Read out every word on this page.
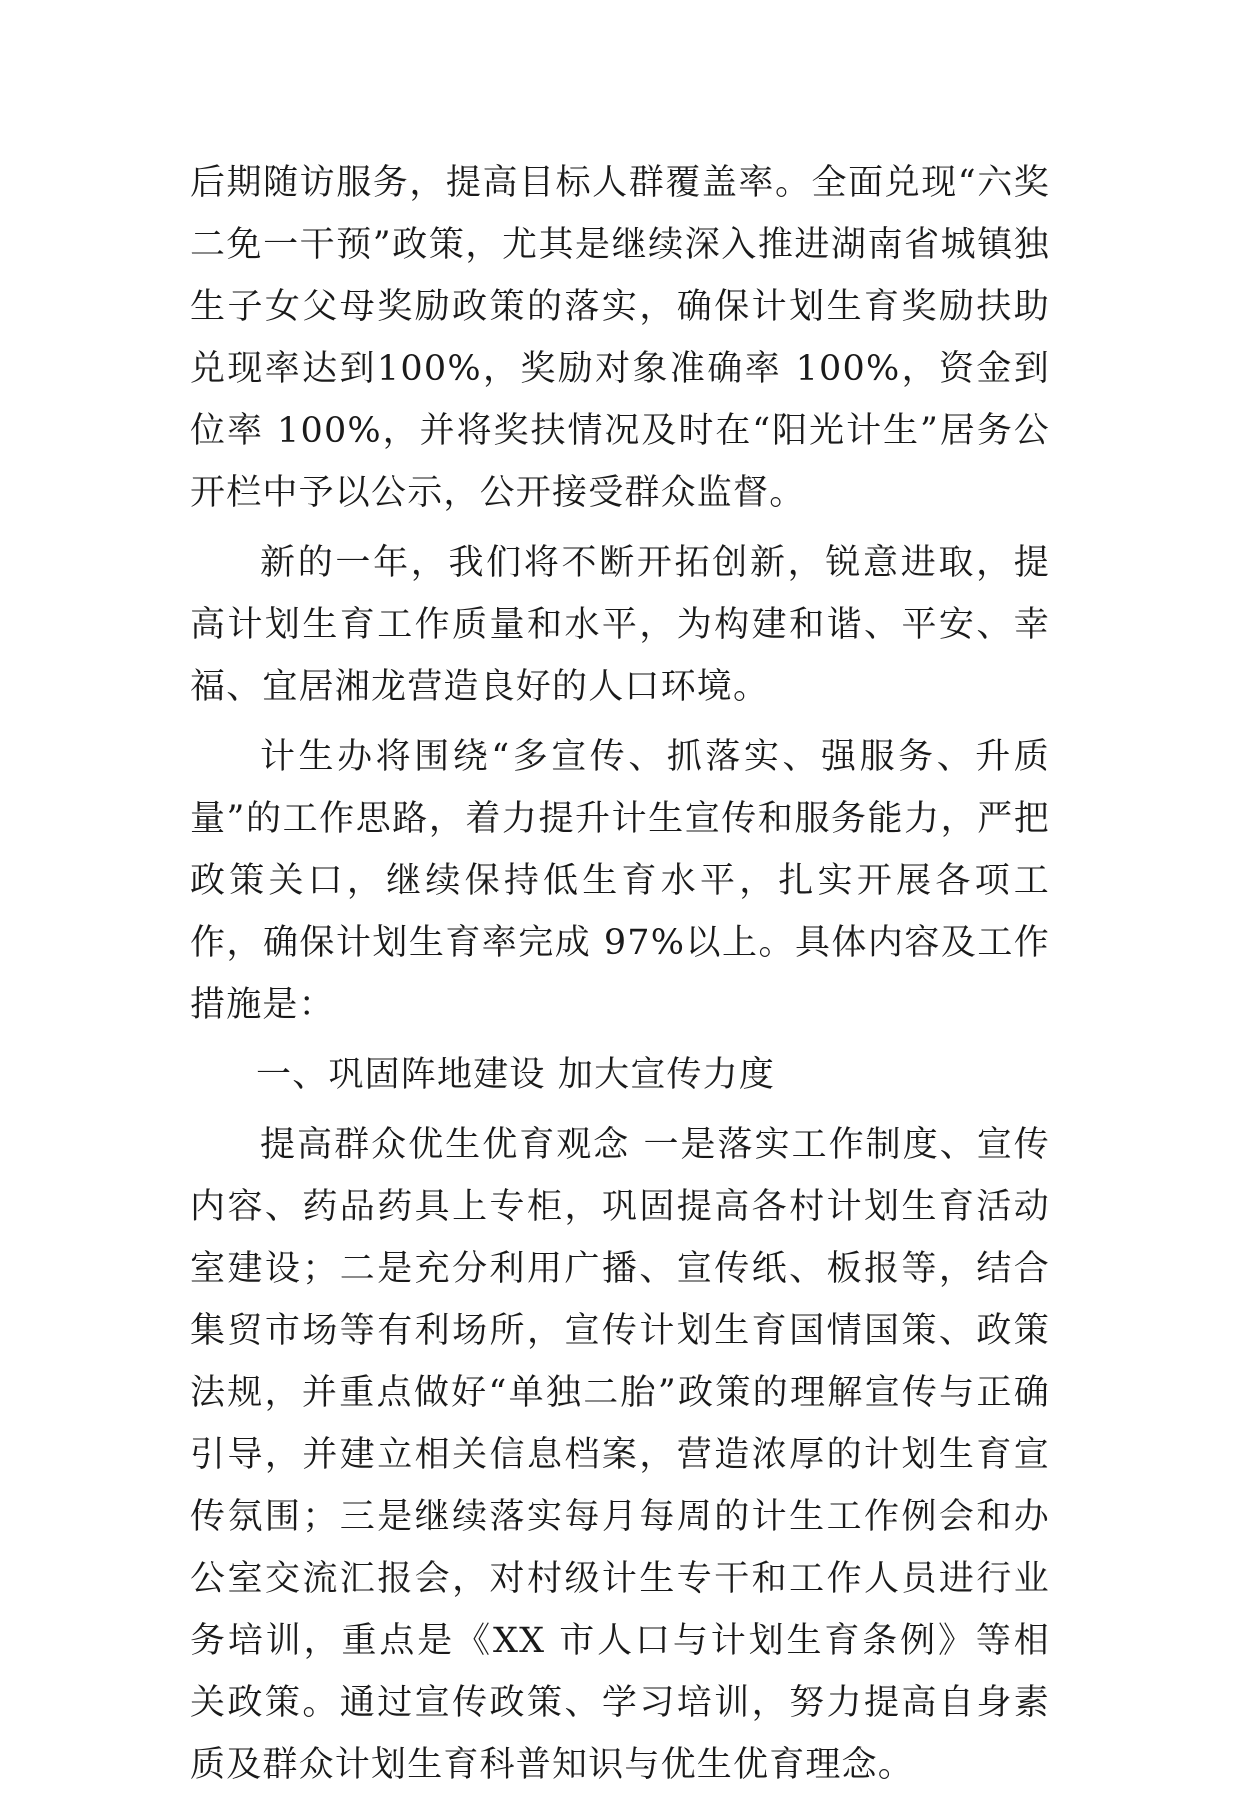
后期随访服务，提高目标人群覆盖率。全面兑现“六奖二免一干预”政策，尤其是继续深入推进湖南省城镇独生子女父母奖励政策的落实，确保计划生育奖励扶助兑现率达到100%，奖励对象准确率 100%，资金到位率 100%，并将奖扶情况及时在“阳光计生”居务公开栏中予以公示，公开接受群众监督。

新的一年，我们将不断开拓创新，锐意进取，提高计划生育工作质量和水平，为构建和谐、平安、幸福、宜居湘龙营造良好的人口环境。

计生办将围绕“多宣传、抓落实、强服务、升质量”的工作思路，着力提升计生宣传和服务能力，严把政策关口，继续保持低生育水平，扎实开展各项工作，确保计划生育率完成 97%以上。具体内容及工作措施是：

一、巩固阵地建设 加大宣传力度

提高群众优生优育观念 一是落实工作制度、宣传内容、药品药具上专柜，巩固提高各村计划生育活动室建设；二是充分利用广播、宣传纸、板报等，结合集贸市场等有利场所，宣传计划生育国情国策、政策法规，并重点做好“单独二胎”政策的理解宣传与正确引导，并建立相关信息档案，营造浓厚的计划生育宣传氛围；三是继续落实每月每周的计生工作例会和办公室交流汇报会，对村级计生专干和工作人员进行业务培训，重点是《XX 市人口与计划生育条例》等相关政策。通过宣传政策、学习培训，努力提高自身素质及群众计划生育科普知识与优生优育理念。
